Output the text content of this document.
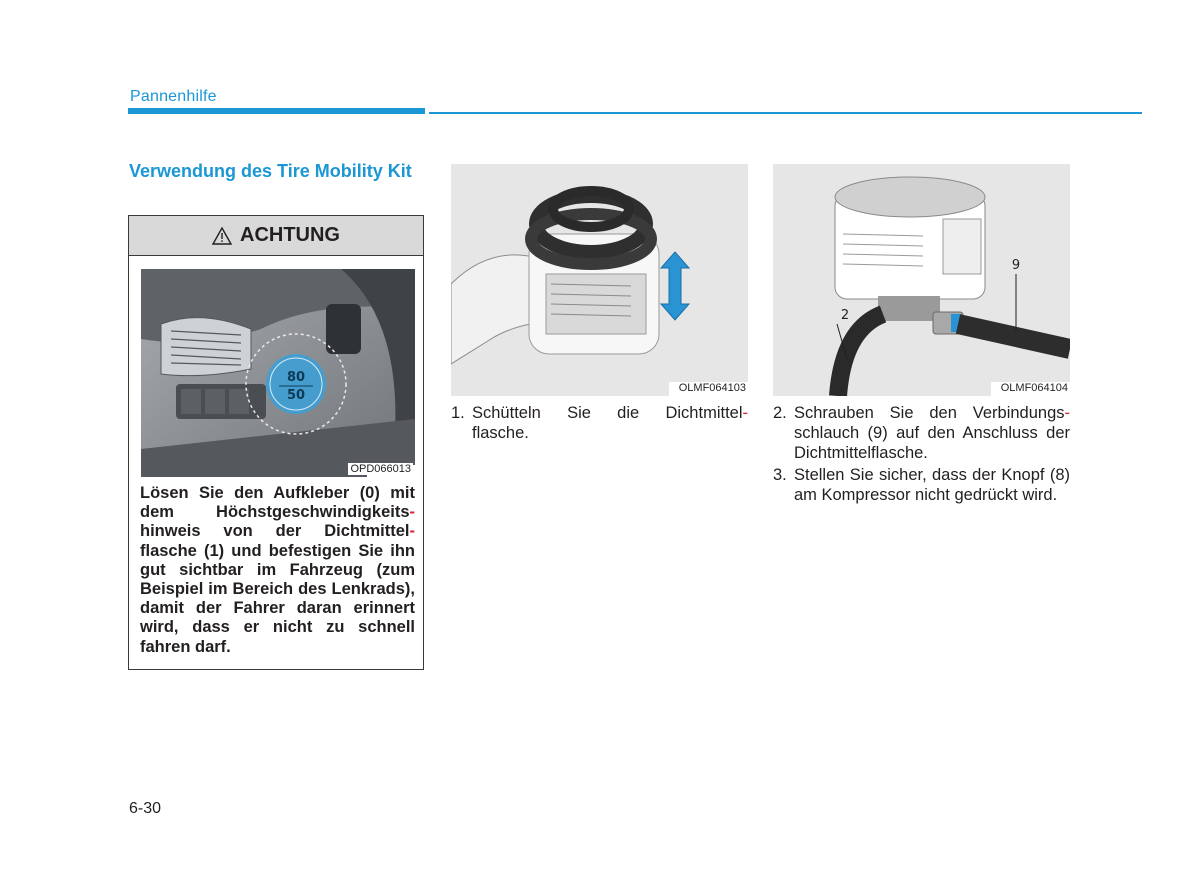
Pannenhilfe
Verwendung des Tire Mobility Kit
ACHTUNG
80
50
OPD066013
Lösen Sie den Aufkleber (0) mit dem Höchstgeschwindigkeits-hinweis von der Dichtmittel-flasche (1) und befestigen Sie ihn gut sichtbar im Fahrzeug (zum Beispiel im Bereich des Lenkrads), damit der Fahrer daran erinnert wird, dass er nicht zu schnell fahren darf.
OLMF064103
9
2
OLMF064104
1. Schütteln Sie die Dichtmittel-
flasche.
2. Schrauben Sie den Verbindungs-
schlauch (9) auf den Anschluss der Dichtmittelflasche.
3. Stellen Sie sicher, dass der Knopf (8) am Kompressor nicht gedrückt wird.
6-30
